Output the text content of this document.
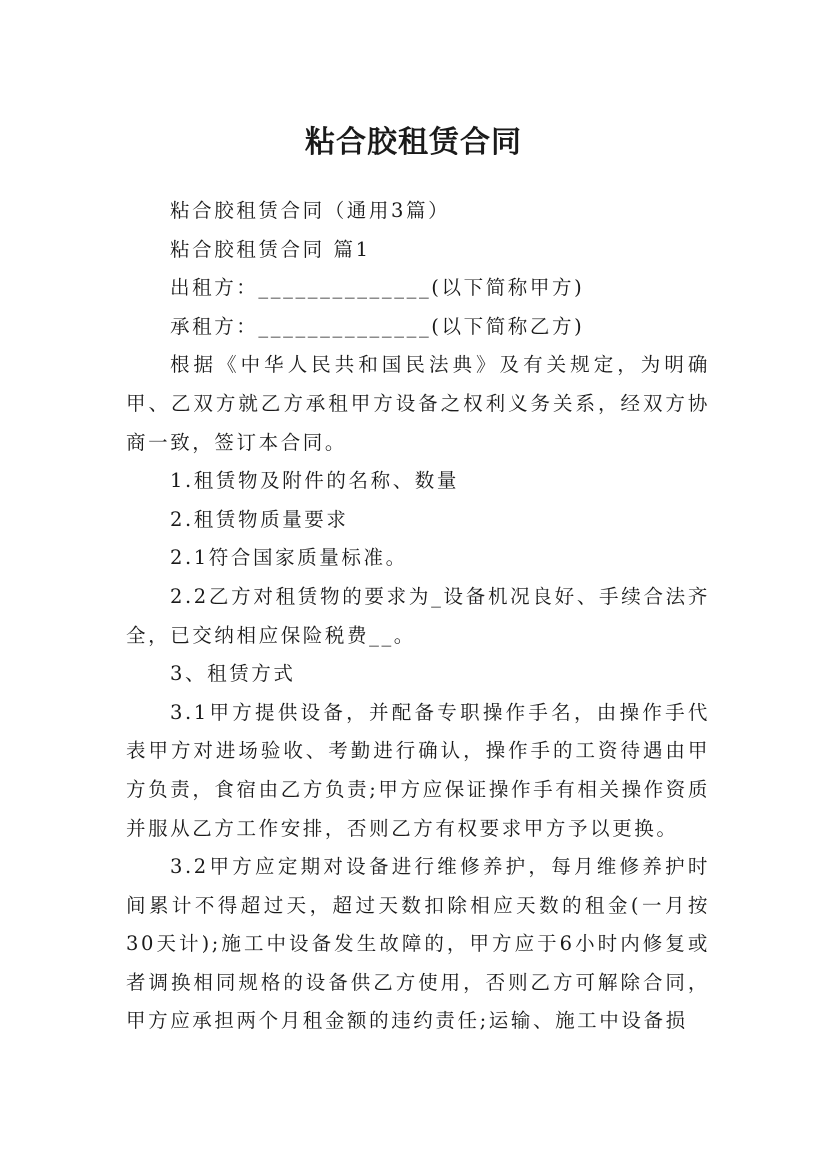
粘合胶租赁合同

粘合胶租赁合同（通用3篇）

粘合胶租赁合同 篇1

出租方：______________(以下简称甲方)

承租方：______________(以下简称乙方)

根据《中华人民共和国民法典》及有关规定，为明确甲、乙双方就乙方承租甲方设备之权利义务关系，经双方协商一致，签订本合同。

1.租赁物及附件的名称、数量

2.租赁物质量要求

2.1符合国家质量标准。

2.2乙方对租赁物的要求为_设备机况良好、手续合法齐全，已交纳相应保险税费__。

3、租赁方式

3.1甲方提供设备，并配备专职操作手名，由操作手代表甲方对进场验收、考勤进行确认，操作手的工资待遇由甲方负责，食宿由乙方负责;甲方应保证操作手有相关操作资质并服从乙方工作安排，否则乙方有权要求甲方予以更换。

3.2甲方应定期对设备进行维修养护，每月维修养护时间累计不得超过天，超过天数扣除相应天数的租金(一月按30天计);施工中设备发生故障的，甲方应于6小时内修复或者调换相同规格的设备供乙方使用，否则乙方可解除合同，甲方应承担两个月租金额的违约责任;运输、施工中设备损
